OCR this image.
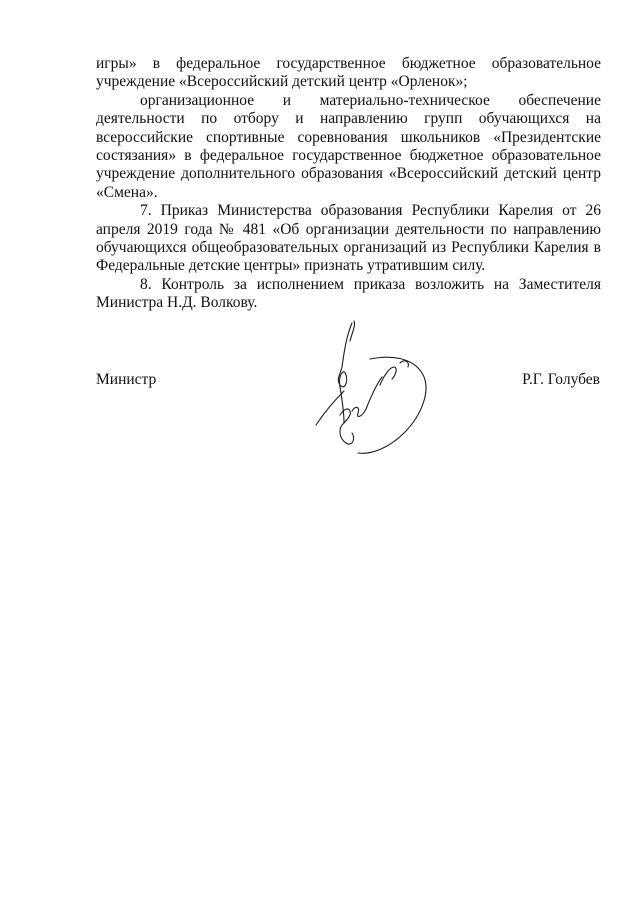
игры» в федеральное государственное бюджетное образовательное учреждение «Всероссийский детский центр «Орленок»;

организационное и материально-техническое обеспечение деятельности по отбору и направлению групп обучающихся на всероссийские спортивные соревнования школьников «Президентские состязания» в федеральное государственное бюджетное образовательное учреждение дополнительного образования «Всероссийский детский центр «Смена».

7. Приказ Министерства образования Республики Карелия от 26 апреля 2019 года № 481 «Об организации деятельности по направлению обучающихся общеобразовательных организаций из Республики Карелия в Федеральные детские центры» признать утратившим силу.

8. Контроль за исполнением приказа возложить на Заместителя Министра Н.Д. Волкову.

Министр	Р.Г. Голубев
